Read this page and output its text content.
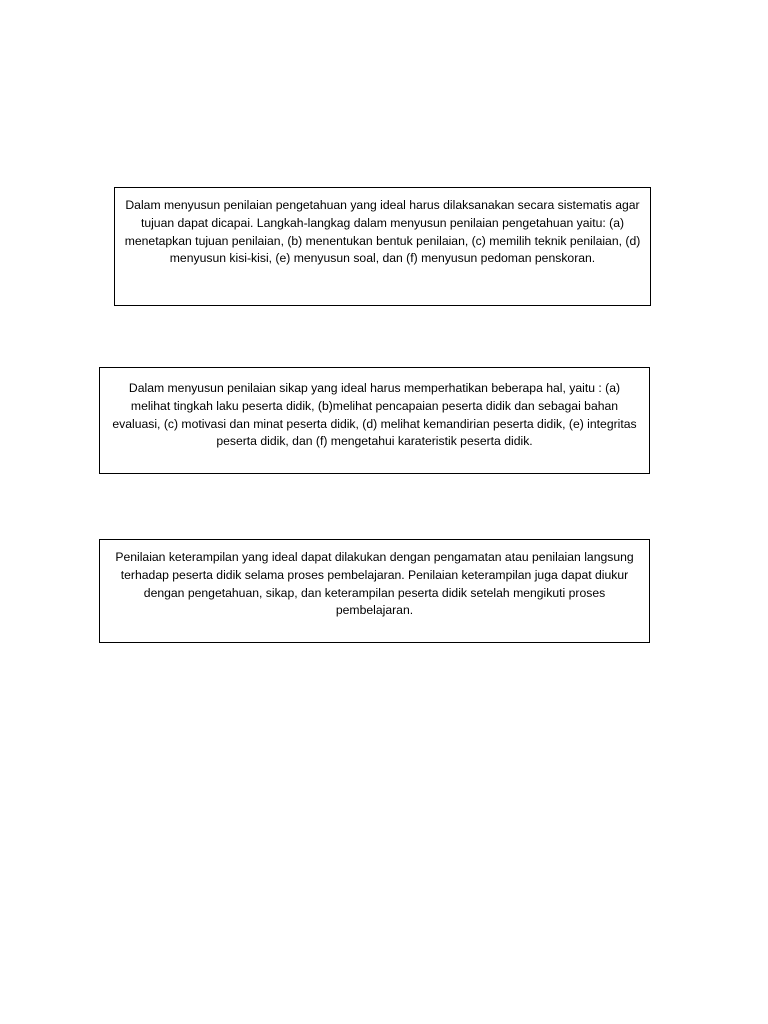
Dalam menyusun penilaian pengetahuan yang ideal harus dilaksanakan secara sistematis agar tujuan dapat dicapai. Langkah-langkag dalam menyusun penilaian pengetahuan yaitu: (a) menetapkan tujuan penilaian, (b) menentukan bentuk penilaian, (c) memilih teknik penilaian, (d) menyusun kisi-kisi, (e) menyusun soal, dan (f) menyusun pedoman penskoran.

Dalam menyusun penilaian sikap yang ideal harus memperhatikan beberapa hal, yaitu : (a) melihat tingkah laku peserta didik, (b)melihat pencapaian peserta didik dan sebagai bahan evaluasi, (c) motivasi dan minat peserta didik, (d) melihat kemandirian peserta didik, (e) integritas peserta didik, dan (f) mengetahui karateristik peserta didik.

Penilaian keterampilan yang ideal dapat dilakukan dengan pengamatan atau penilaian langsung terhadap peserta didik selama proses pembelajaran. Penilaian keterampilan juga dapat diukur dengan pengetahuan, sikap, dan keterampilan peserta didik setelah mengikuti proses pembelajaran.
